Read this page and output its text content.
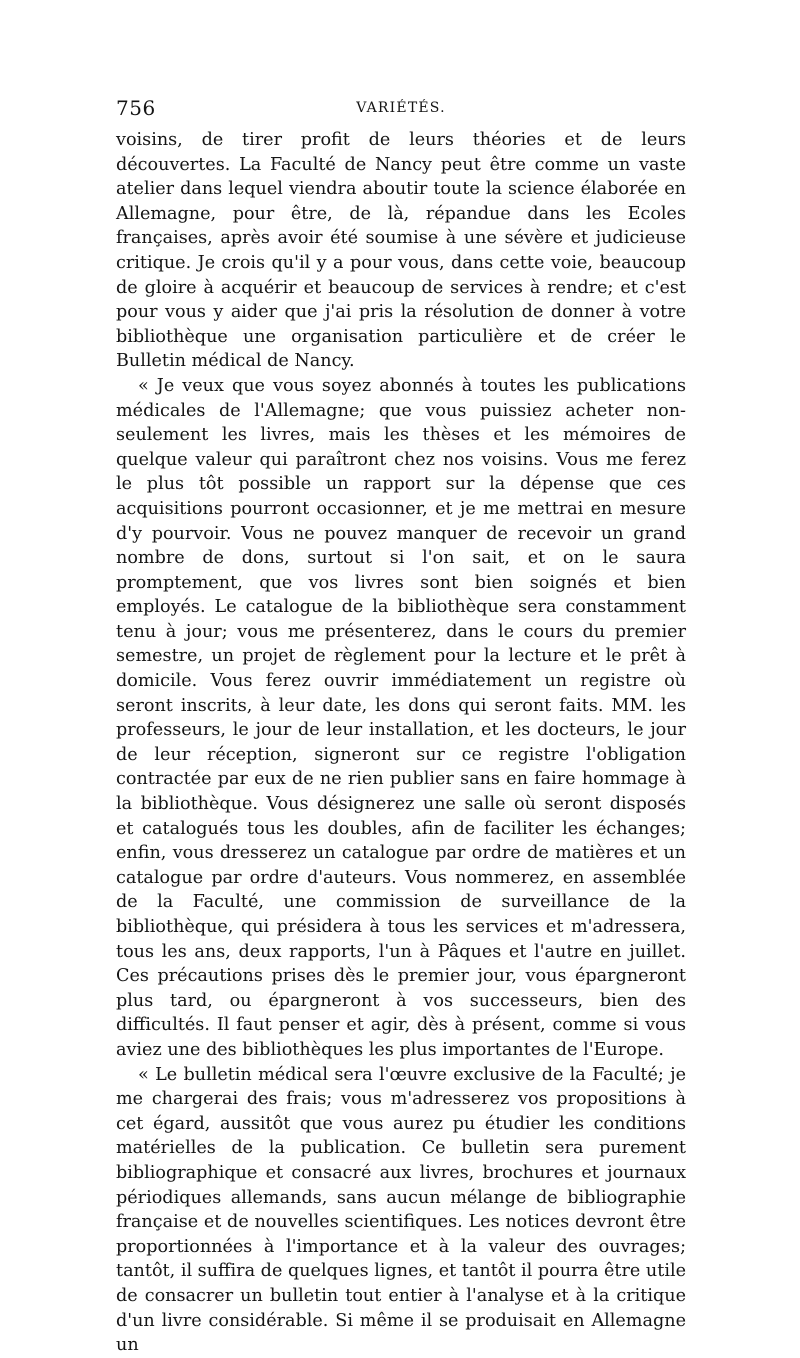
756	VARIÉTÉS.

voisins, de tirer profit de leurs théories et de leurs découvertes. La Faculté de Nancy peut être comme un vaste atelier dans lequel viendra aboutir toute la science élaborée en Allemagne, pour être, de là, répandue dans les Ecoles françaises, après avoir été soumise à une sévère et judicieuse critique. Je crois qu'il y a pour vous, dans cette voie, beaucoup de gloire à acquérir et beaucoup de services à rendre; et c'est pour vous y aider que j'ai pris la résolution de donner à votre bibliothèque une organisation particulière et de créer le Bulletin médical de Nancy.

« Je veux que vous soyez abonnés à toutes les publications médicales de l'Allemagne; que vous puissiez acheter non-seulement les livres, mais les thèses et les mémoires de quelque valeur qui paraîtront chez nos voisins. Vous me ferez le plus tôt possible un rapport sur la dépense que ces acquisitions pourront occasionner, et je me mettrai en mesure d'y pourvoir. Vous ne pouvez manquer de recevoir un grand nombre de dons, surtout si l'on sait, et on le saura promptement, que vos livres sont bien soignés et bien employés. Le catalogue de la bibliothèque sera constamment tenu à jour; vous me présenterez, dans le cours du premier semestre, un projet de règlement pour la lecture et le prêt à domicile. Vous ferez ouvrir immédiatement un registre où seront inscrits, à leur date, les dons qui seront faits. MM. les professeurs, le jour de leur installation, et les docteurs, le jour de leur réception, signeront sur ce registre l'obligation contractée par eux de ne rien publier sans en faire hommage à la bibliothèque. Vous désignerez une salle où seront disposés et catalogués tous les doubles, afin de faciliter les échanges; enfin, vous dresserez un catalogue par ordre de matières et un catalogue par ordre d'auteurs. Vous nommerez, en assemblée de la Faculté, une commission de surveillance de la bibliothèque, qui présidera à tous les services et m'adressera, tous les ans, deux rapports, l'un à Pâques et l'autre en juillet. Ces précautions prises dès le premier jour, vous épargneront plus tard, ou épargneront à vos successeurs, bien des difficultés. Il faut penser et agir, dès à présent, comme si vous aviez une des bibliothèques les plus importantes de l'Europe.

« Le bulletin médical sera l'œuvre exclusive de la Faculté; je me chargerai des frais; vous m'adresserez vos propositions à cet égard, aussitôt que vous aurez pu étudier les conditions matérielles de la publication. Ce bulletin sera purement bibliographique et consacré aux livres, brochures et journaux périodiques allemands, sans aucun mélange de bibliographie française et de nouvelles scientifiques. Les notices devront être proportionnées à l'importance et à la valeur des ouvrages; tantôt, il suffira de quelques lignes, et tantôt il pourra être utile de consacrer un bulletin tout entier à l'analyse et à la critique d'un livre considérable. Si même il se produisait en Allemagne un
